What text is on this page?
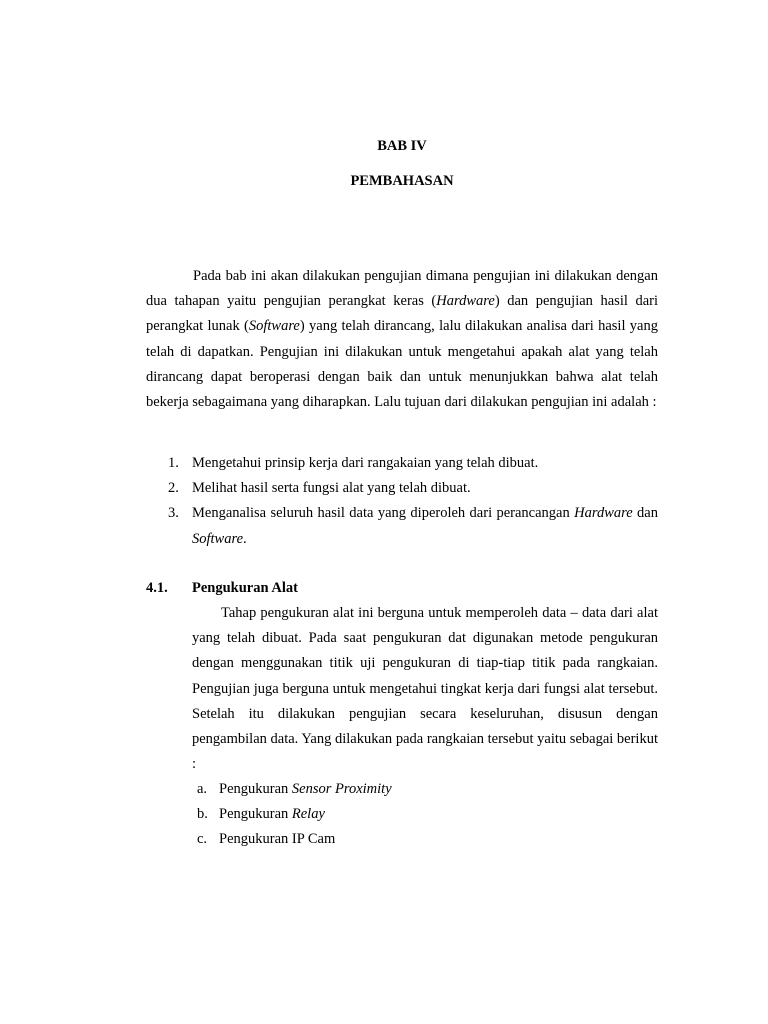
BAB IV
PEMBAHASAN

Pada bab ini akan dilakukan pengujian dimana pengujian ini dilakukan dengan dua tahapan yaitu pengujian perangkat keras (Hardware) dan pengujian hasil dari perangkat lunak (Software) yang telah dirancang, lalu dilakukan analisa dari hasil yang telah di dapatkan. Pengujian ini dilakukan untuk mengetahui apakah alat yang telah dirancang dapat beroperasi dengan baik dan untuk menunjukkan bahwa alat telah bekerja sebagaimana yang diharapkan. Lalu tujuan dari dilakukan pengujian ini adalah :

1. Mengetahui prinsip kerja dari rangakaian yang telah dibuat.
2. Melihat hasil serta fungsi alat yang telah dibuat.
3. Menganalisa seluruh hasil data yang diperoleh dari perancangan Hardware dan Software.
4.1. Pengukuran Alat

Tahap pengukuran alat ini berguna untuk memperoleh data – data dari alat yang telah dibuat. Pada saat pengukuran dat digunakan metode pengukuran dengan menggunakan titik uji pengukuran di tiap-tiap titik pada rangkaian. Pengujian juga berguna untuk mengetahui tingkat kerja dari fungsi alat tersebut. Setelah itu dilakukan pengujian secara keseluruhan, disusun dengan pengambilan data. Yang dilakukan pada rangkaian tersebut yaitu sebagai berikut :

a. Pengukuran Sensor Proximity
b. Pengukuran Relay
c. Pengukuran IP Cam
